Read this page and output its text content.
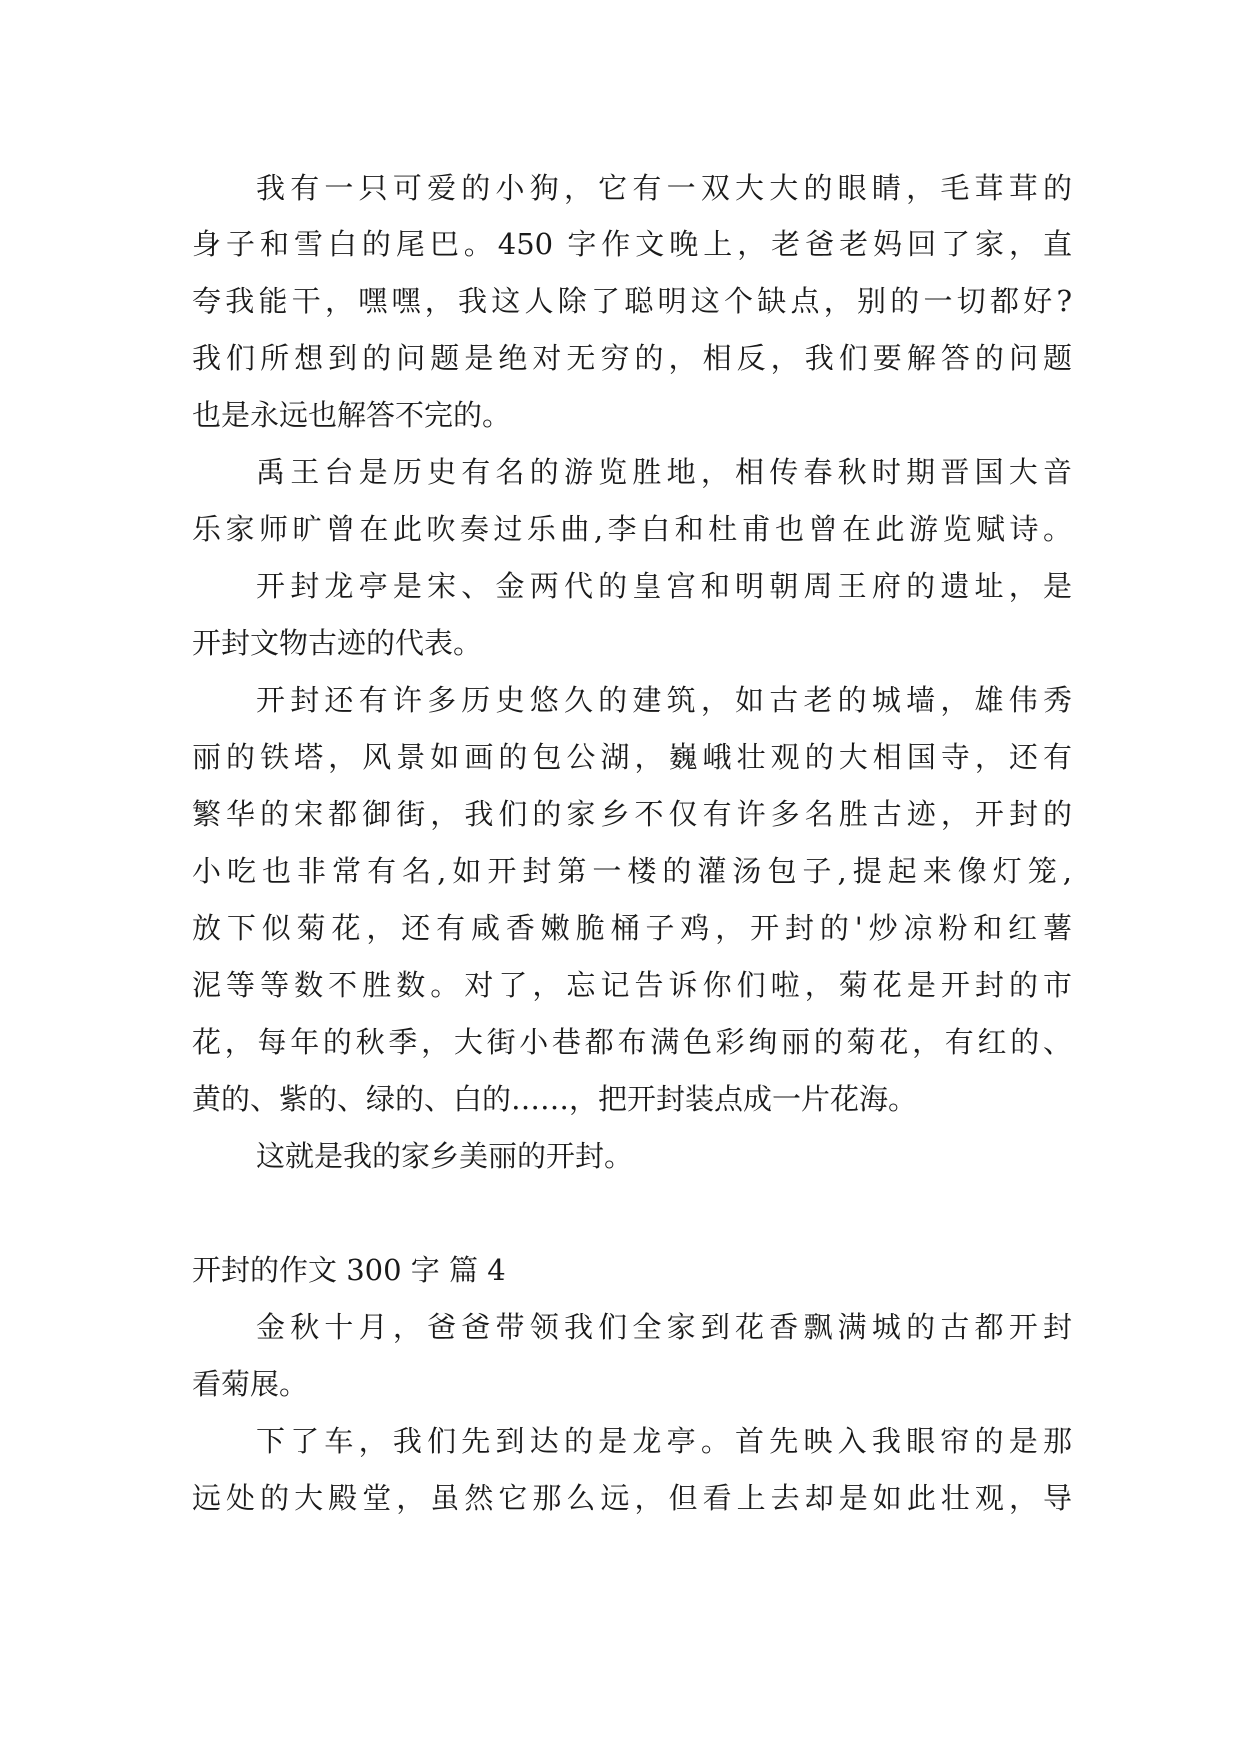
我有一只可爱的小狗，它有一双大大的眼睛，毛茸茸的
身子和雪白的尾巴。450 字作文晚上，老爸老妈回了家，直
夸我能干，嘿嘿，我这人除了聪明这个缺点，别的一切都好?
我们所想到的问题是绝对无穷的，相反，我们要解答的问题
也是永远也解答不完的。
禹王台是历史有名的游览胜地，相传春秋时期晋国大音
乐家师旷曾在此吹奏过乐曲,李白和杜甫也曾在此游览赋诗。
开封龙亭是宋、金两代的皇宫和明朝周王府的遗址，是
开封文物古迹的代表。
开封还有许多历史悠久的建筑，如古老的城墙，雄伟秀
丽的铁塔，风景如画的包公湖，巍峨壮观的大相国寺，还有
繁华的宋都御街，我们的家乡不仅有许多名胜古迹，开封的
小吃也非常有名,如开封第一楼的灌汤包子,提起来像灯笼,
放下似菊花，还有咸香嫩脆桶子鸡，开封的'炒凉粉和红薯
泥等等数不胜数。对了，忘记告诉你们啦，菊花是开封的市
花，每年的秋季，大街小巷都布满色彩绚丽的菊花，有红的、
黄的、紫的、绿的、白的……，把开封装点成一片花海。
这就是我的家乡美丽的开封。
开封的作文 300 字 篇 4
金秋十月，爸爸带领我们全家到花香飘满城的古都开封
看菊展。
下了车，我们先到达的是龙亭。首先映入我眼帘的是那
远处的大殿堂，虽然它那么远，但看上去却是如此壮观，导
